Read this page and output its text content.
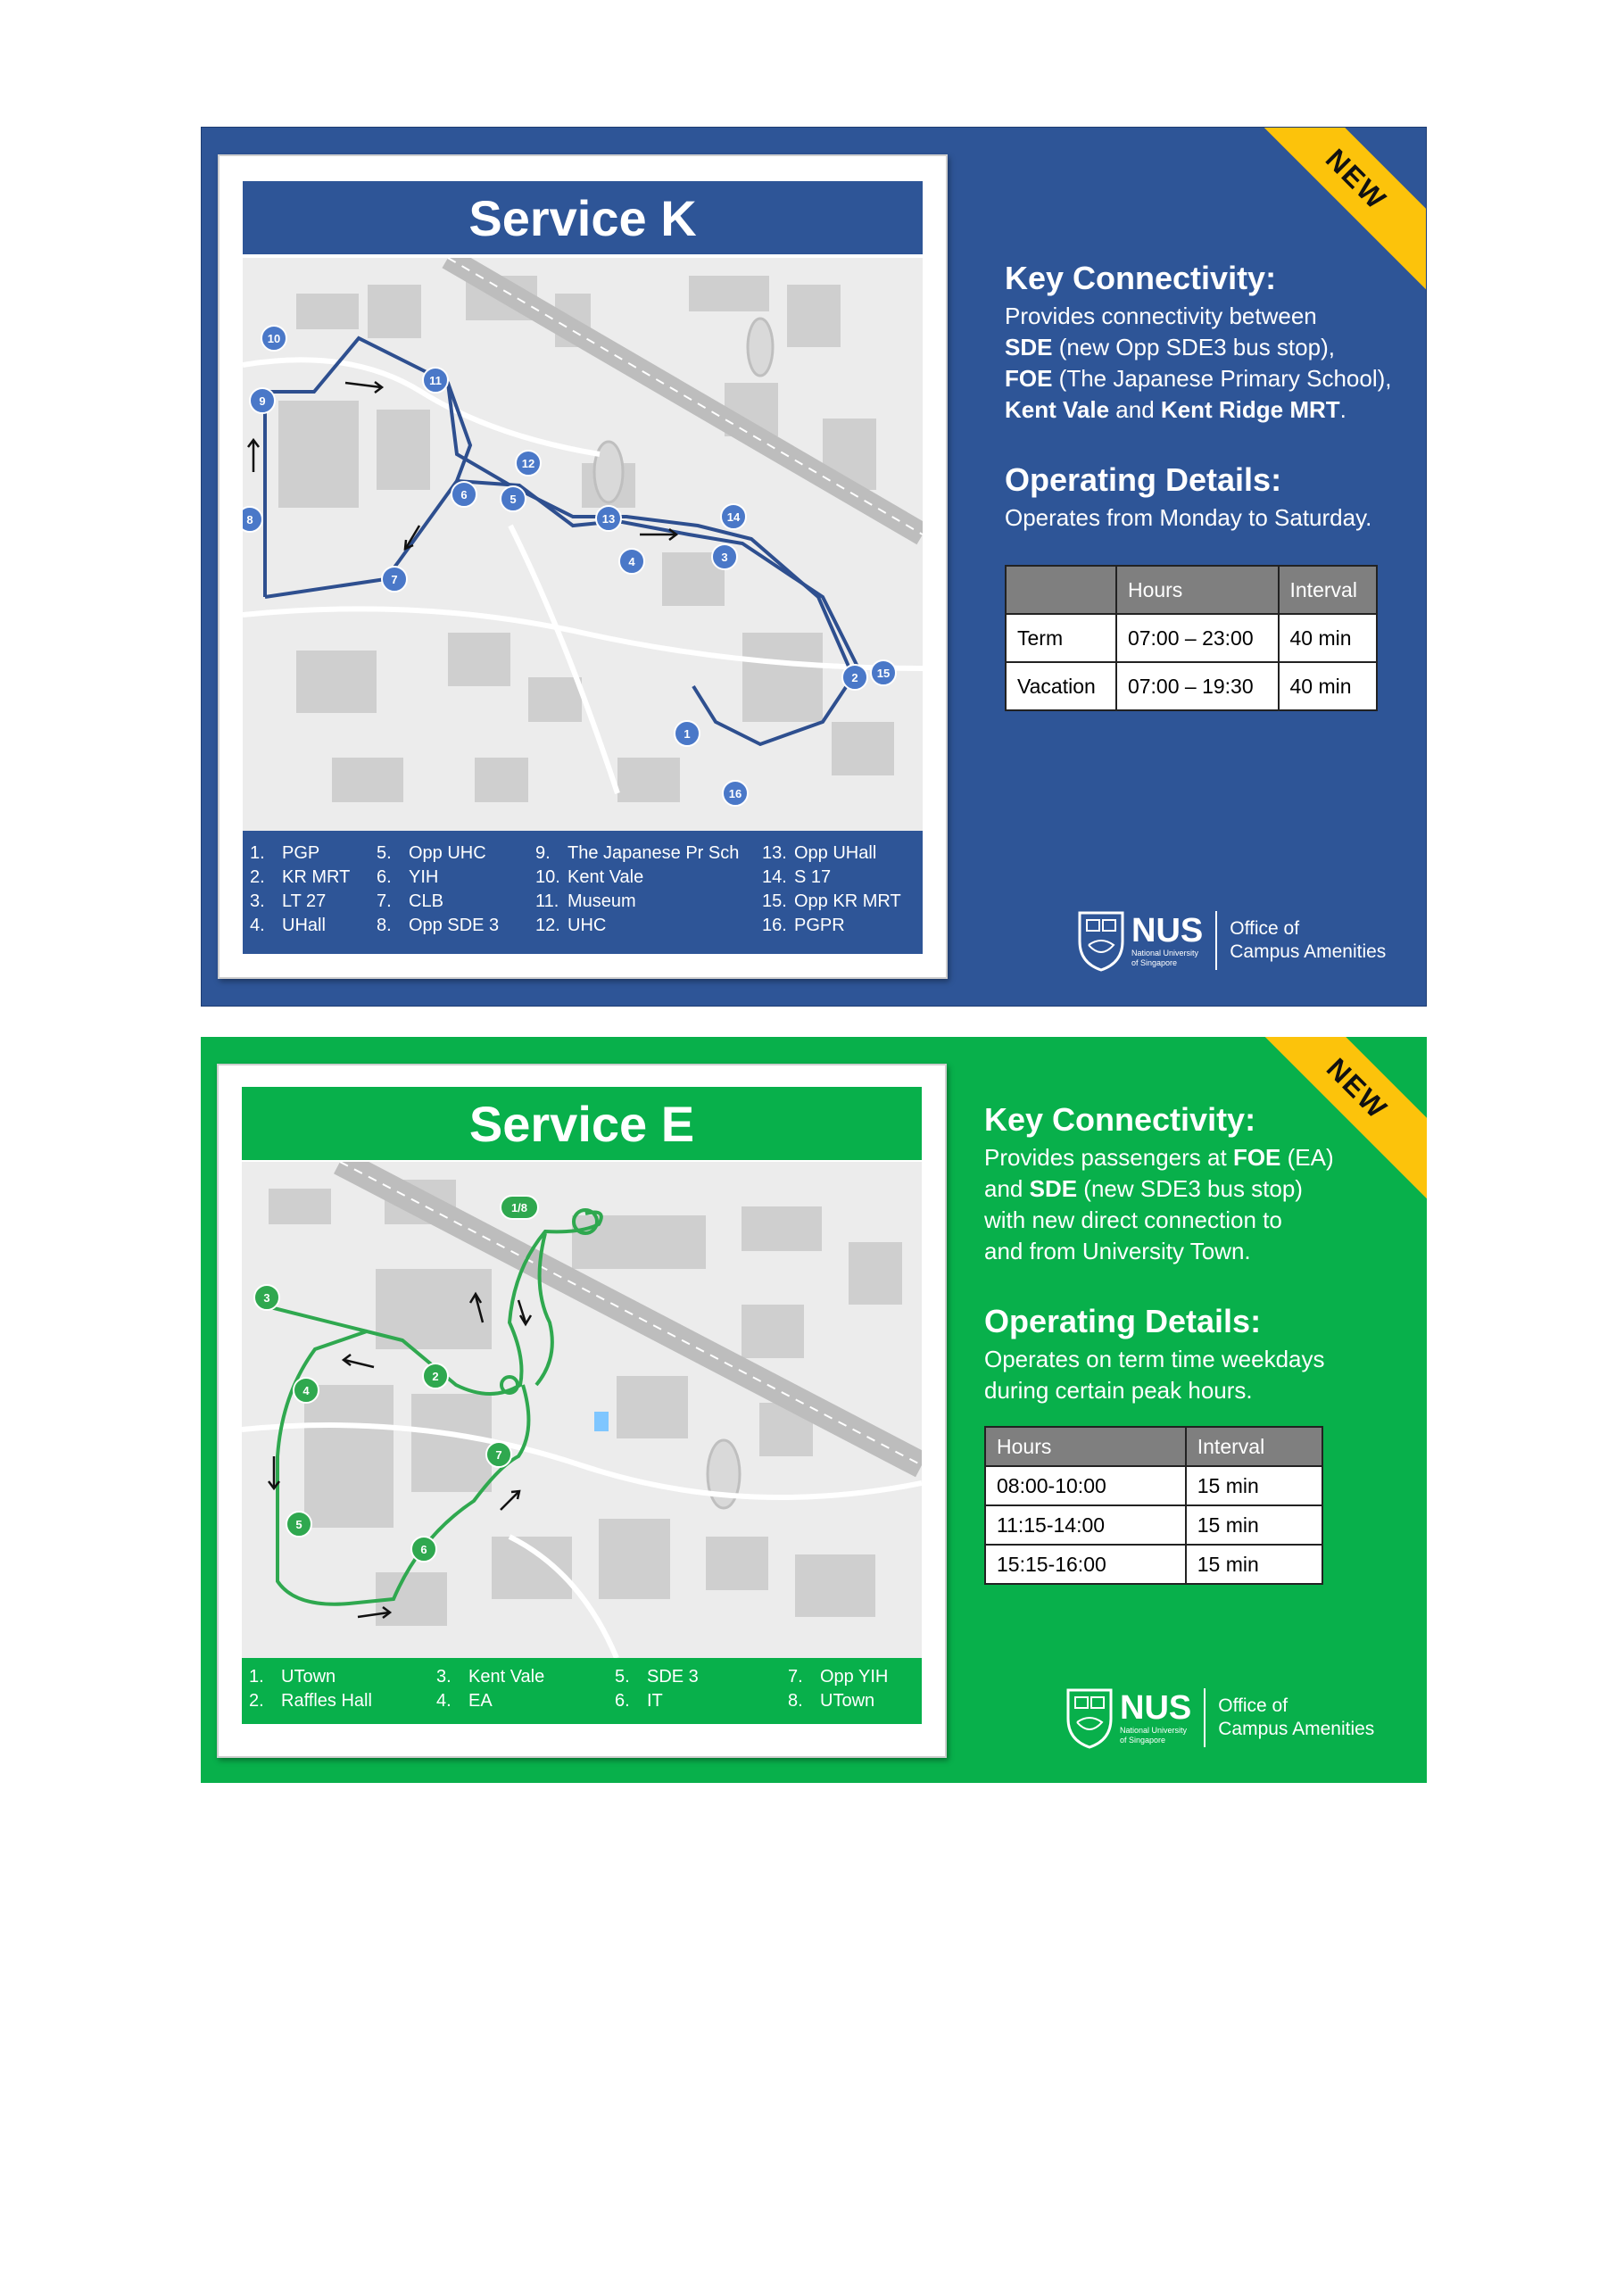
NEW
Service K
1
2
3
4
5
6
7
8
9
10
11
12
13	14
15
16
1. PGP
2. KR MRT
3. LT 27
4. UHall
5. Opp UHC
6. YIH
7. CLB
8. Opp SDE 3
9. The Japanese Pr Sch
10. Kent Vale
11. Museum
12. UHC
13. Opp UHall
14. S 17
15. Opp KR MRT
16. PGPR
Key Connectivity:

Provides connectivity between
SDE (new Opp SDE3 bus stop),
FOE (The Japanese Primary School),
Kent Vale and Kent Ridge MRT.

Operating Details:

Operates from Monday to Saturday.

	Hours	Interval
Term	07:00 – 23:00	40 min
Vacation	07:00 – 19:30	40 min
NUS
National University
of Singapore
Office of
Campus Amenities
NEW
Service E
1/8
2
3
4
5
6
7
1. UTown
2. Raffles Hall
3. Kent Vale
4. EA
5. SDE 3
6. IT
7. Opp YIH
8. UTown
Key Connectivity:

Provides passengers at FOE (EA)
and SDE (new SDE3 bus stop)
with new direct connection to
and from University Town.

Operating Details:

Operates on term time weekdays
during certain peak hours.

Hours	Interval
08:00-10:00	15 min
11:15-14:00	15 min
15:15-16:00	15 min
NUS
National University
of Singapore
Office of
Campus Amenities
